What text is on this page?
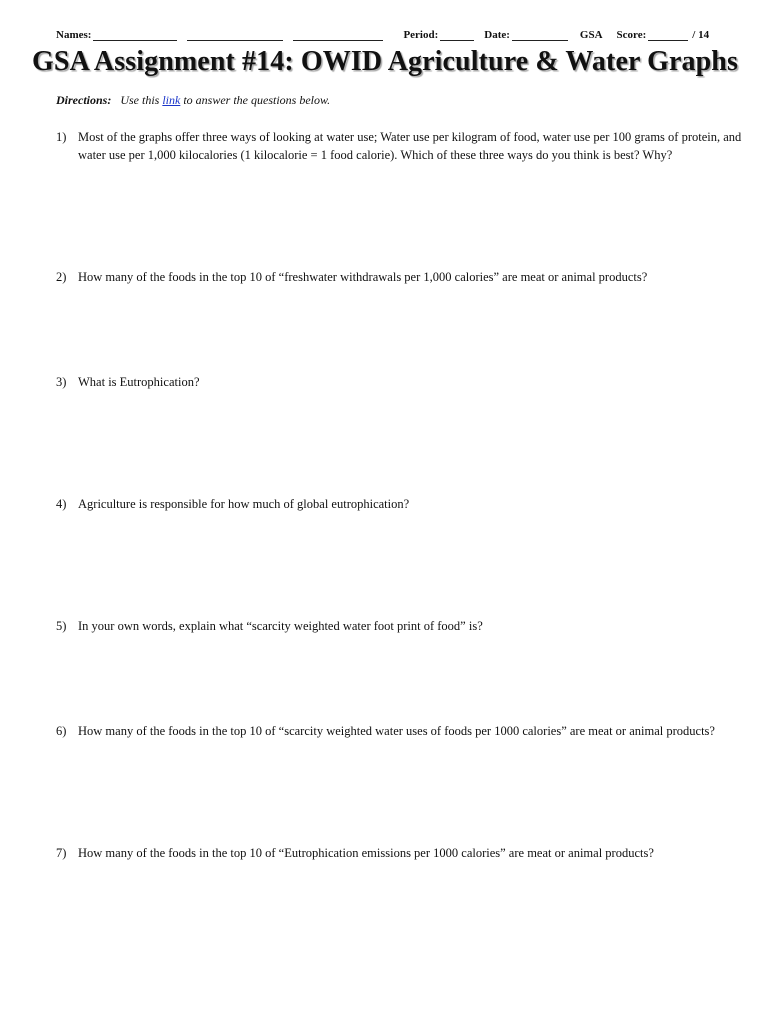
Names:	Period:	Date:	GSA Score:	/ 14
GSA Assignment #14: OWID Agriculture & Water Graphs
Directions: Use this link to answer the questions below.
1) Most of the graphs offer three ways of looking at water use; Water use per kilogram of food, water use per 100 grams of protein, and water use per 1,000 kilocalories (1 kilocalorie = 1 food calorie). Which of these three ways do you think is best? Why?
2) How many of the foods in the top 10 of “freshwater withdrawals per 1,000 calories” are meat or animal products?
3) What is Eutrophication?
4) Agriculture is responsible for how much of global eutrophication?
5) In your own words, explain what “scarcity weighted water foot print of food” is?
6) How many of the foods in the top 10 of “scarcity weighted water uses of foods per 1000 calories” are meat or animal products?
7) How many of the foods in the top 10 of “Eutrophication emissions per 1000 calories” are meat or animal products?
